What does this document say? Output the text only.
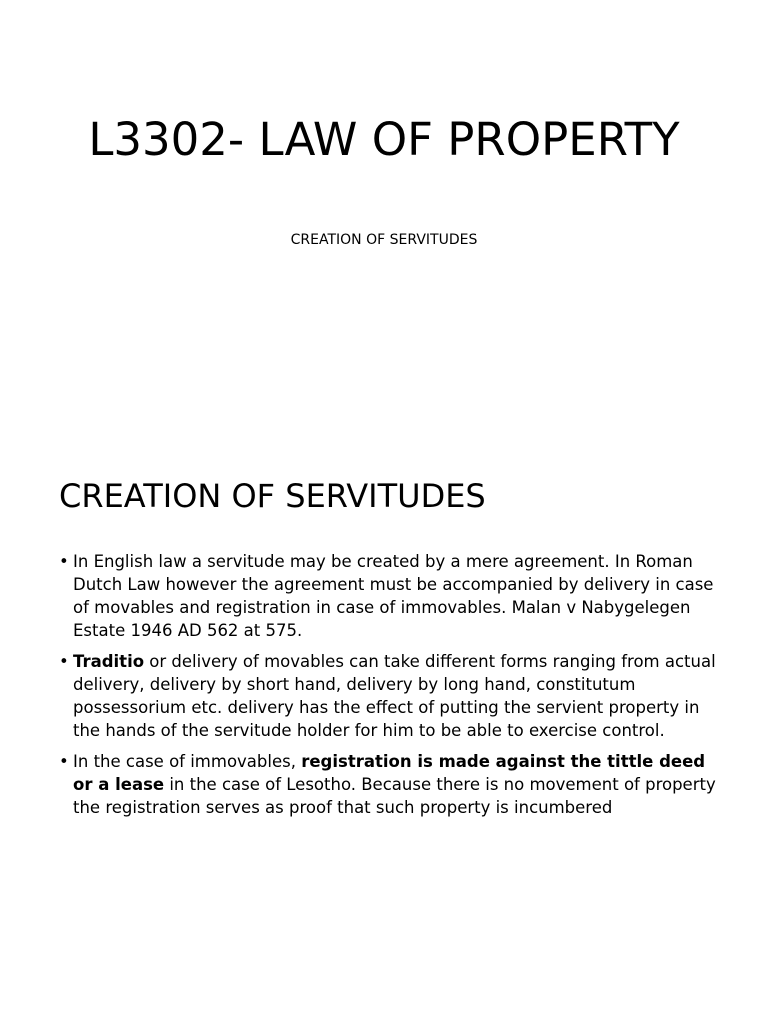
L3302- LAW OF PROPERTY

CREATION OF SERVITUDES

CREATION OF SERVITUDES
• In English law a servitude may be created by a mere agreement. In Roman Dutch Law however the agreement must be accompanied by delivery in case of movables and registration in case of immovables. Malan v Nabygelegen Estate 1946 AD 562 at 575.
• Traditio or delivery of movables can take different forms ranging from actual delivery, delivery by short hand, delivery by long hand, constitutum possessorium etc. delivery has the effect of putting the servient property in the hands of the servitude holder for him to be able to exercise control.
• In the case of immovables, registration is made against the tittle deed or a lease in the case of Lesotho. Because there is no movement of property the registration serves as proof that such property is incumbered
